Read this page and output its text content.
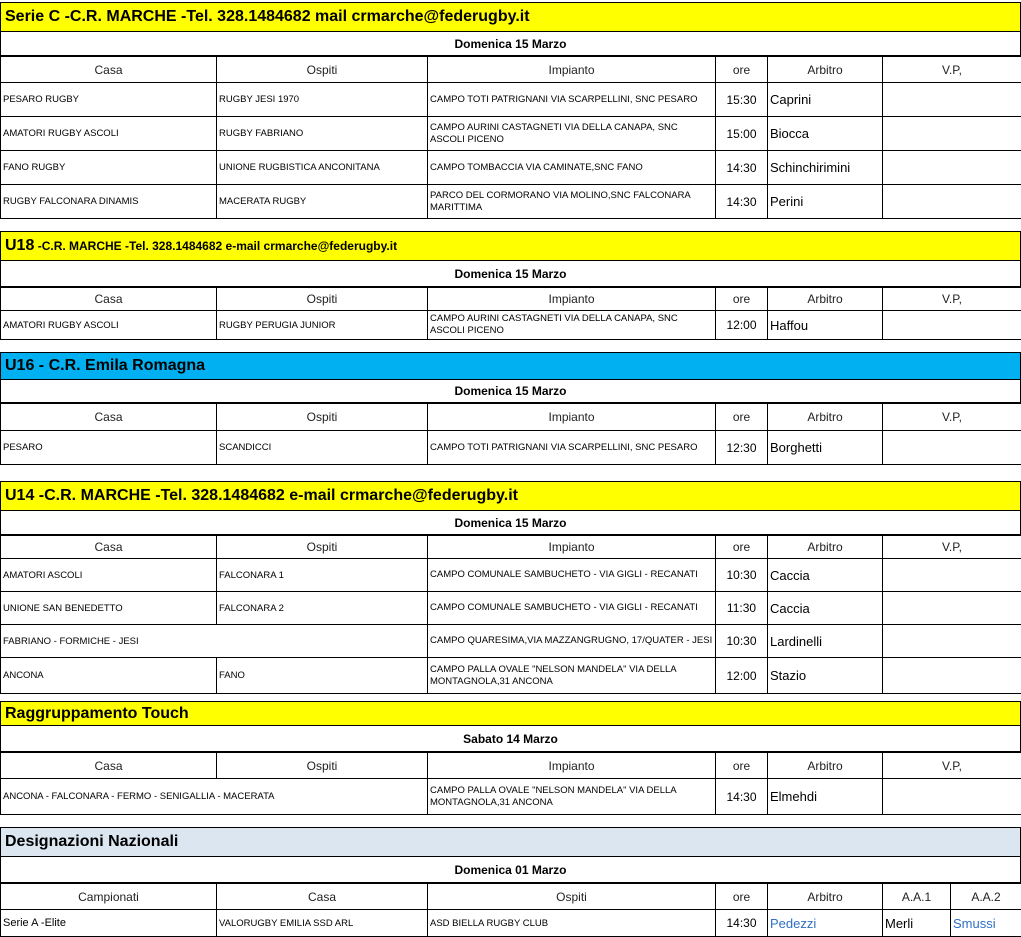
Serie C -C.R. MARCHE -Tel. 328.1484682 mail crmarche@federugby.it
Domenica 15 Marzo
Casa	Ospiti	Impianto	ore	Arbitro	V.P,
PESARO RUGBY	RUGBY JESI 1970	CAMPO TOTI PATRIGNANI VIA SCARPELLINI, SNC PESARO	15:30	Caprini	
AMATORI RUGBY ASCOLI	RUGBY FABRIANO	CAMPO AURINI CASTAGNETI VIA DELLA CANAPA, SNC ASCOLI PICENO	15:00	Biocca	
FANO RUGBY	UNIONE RUGBISTICA ANCONITANA	CAMPO TOMBACCIA VIA CAMINATE,SNC FANO	14:30	Schinchirimini	
RUGBY FALCONARA DINAMIS	MACERATA RUGBY	PARCO DEL CORMORANO VIA MOLINO,SNC FALCONARA MARITTIMA	14:30	Perini	
U18 -C.R. MARCHE -Tel. 328.1484682 e-mail crmarche@federugby.it
Domenica 15 Marzo
Casa	Ospiti	Impianto	ore	Arbitro	V.P,
AMATORI RUGBY ASCOLI	RUGBY PERUGIA JUNIOR	CAMPO AURINI CASTAGNETI VIA DELLA CANAPA, SNC ASCOLI PICENO	12:00	Haffou	
U16 - C.R. Emila Romagna
Domenica 15 Marzo
Casa	Ospiti	Impianto	ore	Arbitro	V.P,
PESARO	SCANDICCI	CAMPO TOTI PATRIGNANI VIA SCARPELLINI, SNC PESARO	12:30	Borghetti	
U14 -C.R. MARCHE -Tel. 328.1484682 e-mail crmarche@federugby.it
Domenica 15 Marzo
Casa	Ospiti	Impianto	ore	Arbitro	V.P,
AMATORI ASCOLI	FALCONARA 1	CAMPO COMUNALE SAMBUCHETO - VIA GIGLI - RECANATI	10:30	Caccia	
UNIONE SAN BENEDETTO	FALCONARA 2	CAMPO COMUNALE SAMBUCHETO - VIA GIGLI - RECANATI	11:30	Caccia	
FABRIANO - FORMICHE - JESI		CAMPO QUARESIMA,VIA MAZZANGRUGNO, 17/QUATER - JESI	10:30	Lardinelli	
ANCONA	FANO	CAMPO PALLA OVALE "NELSON MANDELA" VIA DELLA MONTAGNOLA,31 ANCONA	12:00	Stazio	
Raggruppamento Touch
Sabato 14 Marzo
Casa	Ospiti	Impianto	ore	Arbitro	V.P,
ANCONA - FALCONARA - FERMO - SENIGALLIA - MACERATA		CAMPO PALLA OVALE "NELSON MANDELA" VIA DELLA MONTAGNOLA,31 ANCONA	14:30	Elmehdi	
Designazioni Nazionali
Domenica 01 Marzo
Campionati	Casa	Ospiti	ore	Arbitro	A.A.1	A.A.2
Serie A -Elite	VALORUGBY EMILIA SSD ARL	ASD BIELLA RUGBY CLUB	14:30	Pedezzi	Merli	Smussi
